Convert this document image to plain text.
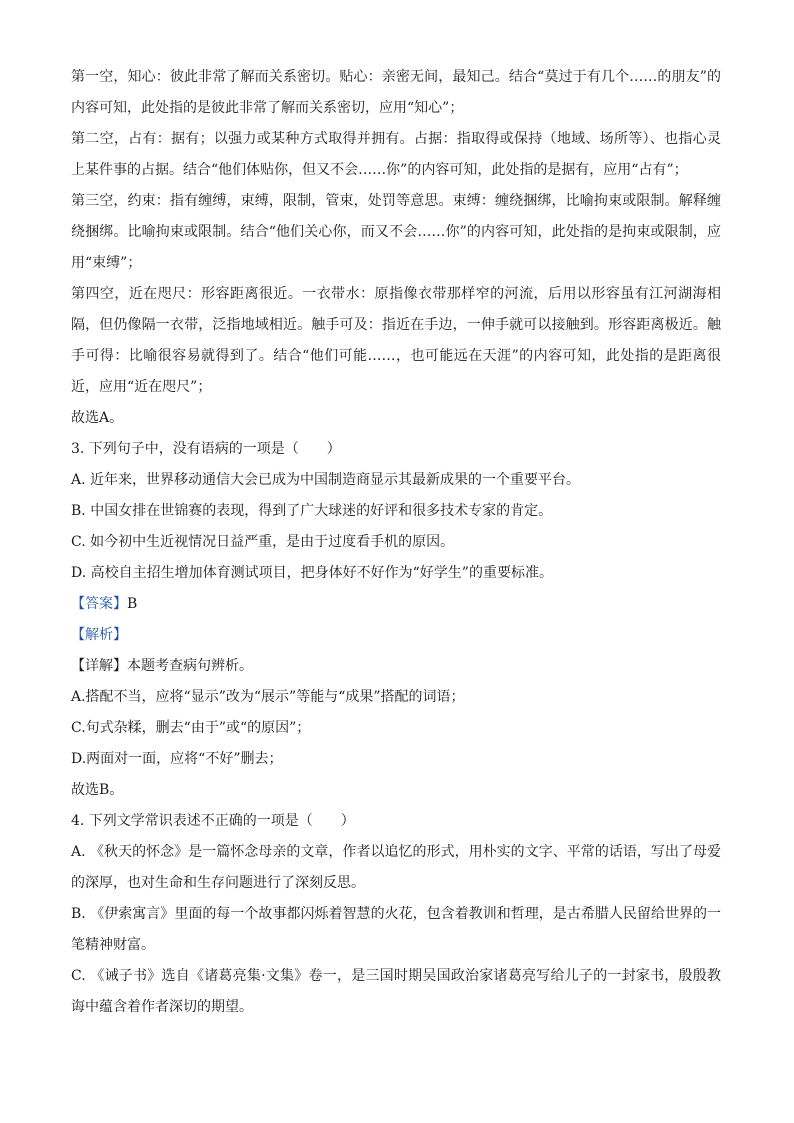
第一空，知心：彼此非常了解而关系密切。贴心：亲密无间，最知己。结合“莫过于有几个……的朋友”的内容可知，此处指的是彼此非常了解而关系密切，应用“知心”；

第二空，占有：据有；以强力或某种方式取得并拥有。占据：指取得或保持（地域、场所等）、也指心灵上某件事的占据。结合“他们体贴你，但又不会……你”的内容可知，此处指的是据有，应用“占有”；

第三空，约束：指有缠缚，束缚，限制，管束，处罚等意思。束缚：缠绕捆绑，比喻拘束或限制。解释缠绕捆绑。比喻拘束或限制。结合“他们关心你，而又不会……你”的内容可知，此处指的是拘束或限制，应用“束缚”；

第四空，近在咫尺：形容距离很近。一衣带水：原指像衣带那样窄的河流，后用以形容虽有江河湖海相隔，但仍像隔一衣带，泛指地域相近。触手可及：指近在手边，一伸手就可以接触到。形容距离极近。触手可得：比喻很容易就得到了。结合“他们可能……，也可能远在天涯”的内容可知，此处指的是距离很近，应用“近在咫尺”；

故选A。

3. 下列句子中，没有语病的一项是（　　）

A. 近年来，世界移动通信大会已成为中国制造商显示其最新成果的一个重要平台。

B. 中国女排在世锦赛的表现，得到了广大球迷的好评和很多技术专家的肯定。

C. 如今初中生近视情况日益严重，是由于过度看手机的原因。

D. 高校自主招生增加体育测试项目，把身体好不好作为“好学生”的重要标准。

【答案】B

【解析】

【详解】本题考查病句辨析。

A.搭配不当，应将“显示”改为“展示”等能与“成果”搭配的词语；

C.句式杂糅，删去“由于”或“的原因”；

D.两面对一面，应将“不好”删去；

故选B。

4. 下列文学常识表述不正确的一项是（　　）

A. 《秋天的怀念》是一篇怀念母亲的文章，作者以追忆的形式，用朴实的文字、平常的话语，写出了母爱的深厚，也对生命和生存问题进行了深刻反思。

B. 《伊索寓言》里面的每一个故事都闪烁着智慧的火花，包含着教训和哲理，是古希腊人民留给世界的一笔精神财富。

C. 《诫子书》选自《诸葛亮集·文集》卷一，是三国时期吴国政治家诸葛亮写给儿子的一封家书，殷殷教诲中蕴含着作者深切的期望。
